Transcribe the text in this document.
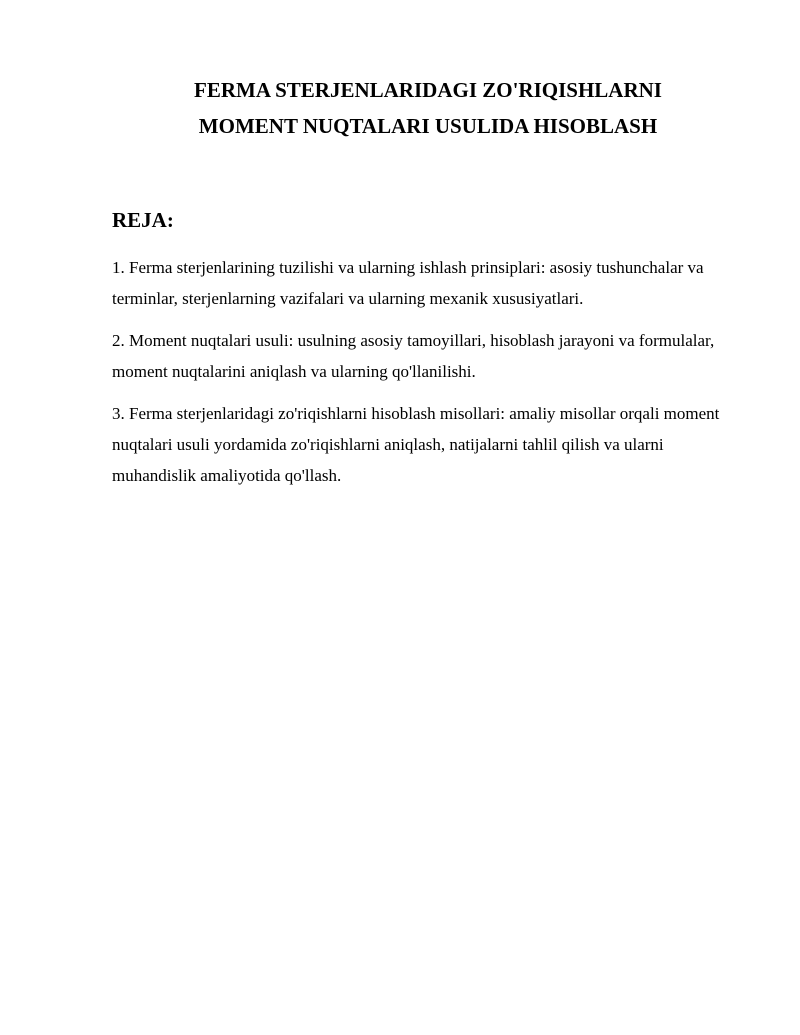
FERMA STERJENLARIDAGI ZO'RIQISHLARNI
MOMENT NUQTALARI USULIDA HISOBLASH
REJA:
1. Ferma sterjenlarining tuzilishi va ularning ishlash prinsiplari: asosiy tushunchalar va terminlar, sterjenlarning vazifalari va ularning mexanik xususiyatlari.
2. Moment nuqtalari usuli: usulning asosiy tamoyillari, hisoblash jarayoni va formulalar, moment nuqtalarini aniqlash va ularning qo'llanilishi.
3. Ferma sterjenlaridagi zo'riqishlarni hisoblash misollari: amaliy misollar orqali moment nuqtalari usuli yordamida zo'riqishlarni aniqlash, natijalarni tahlil qilish va ularni muhandislik amaliyotida qo'llash.
